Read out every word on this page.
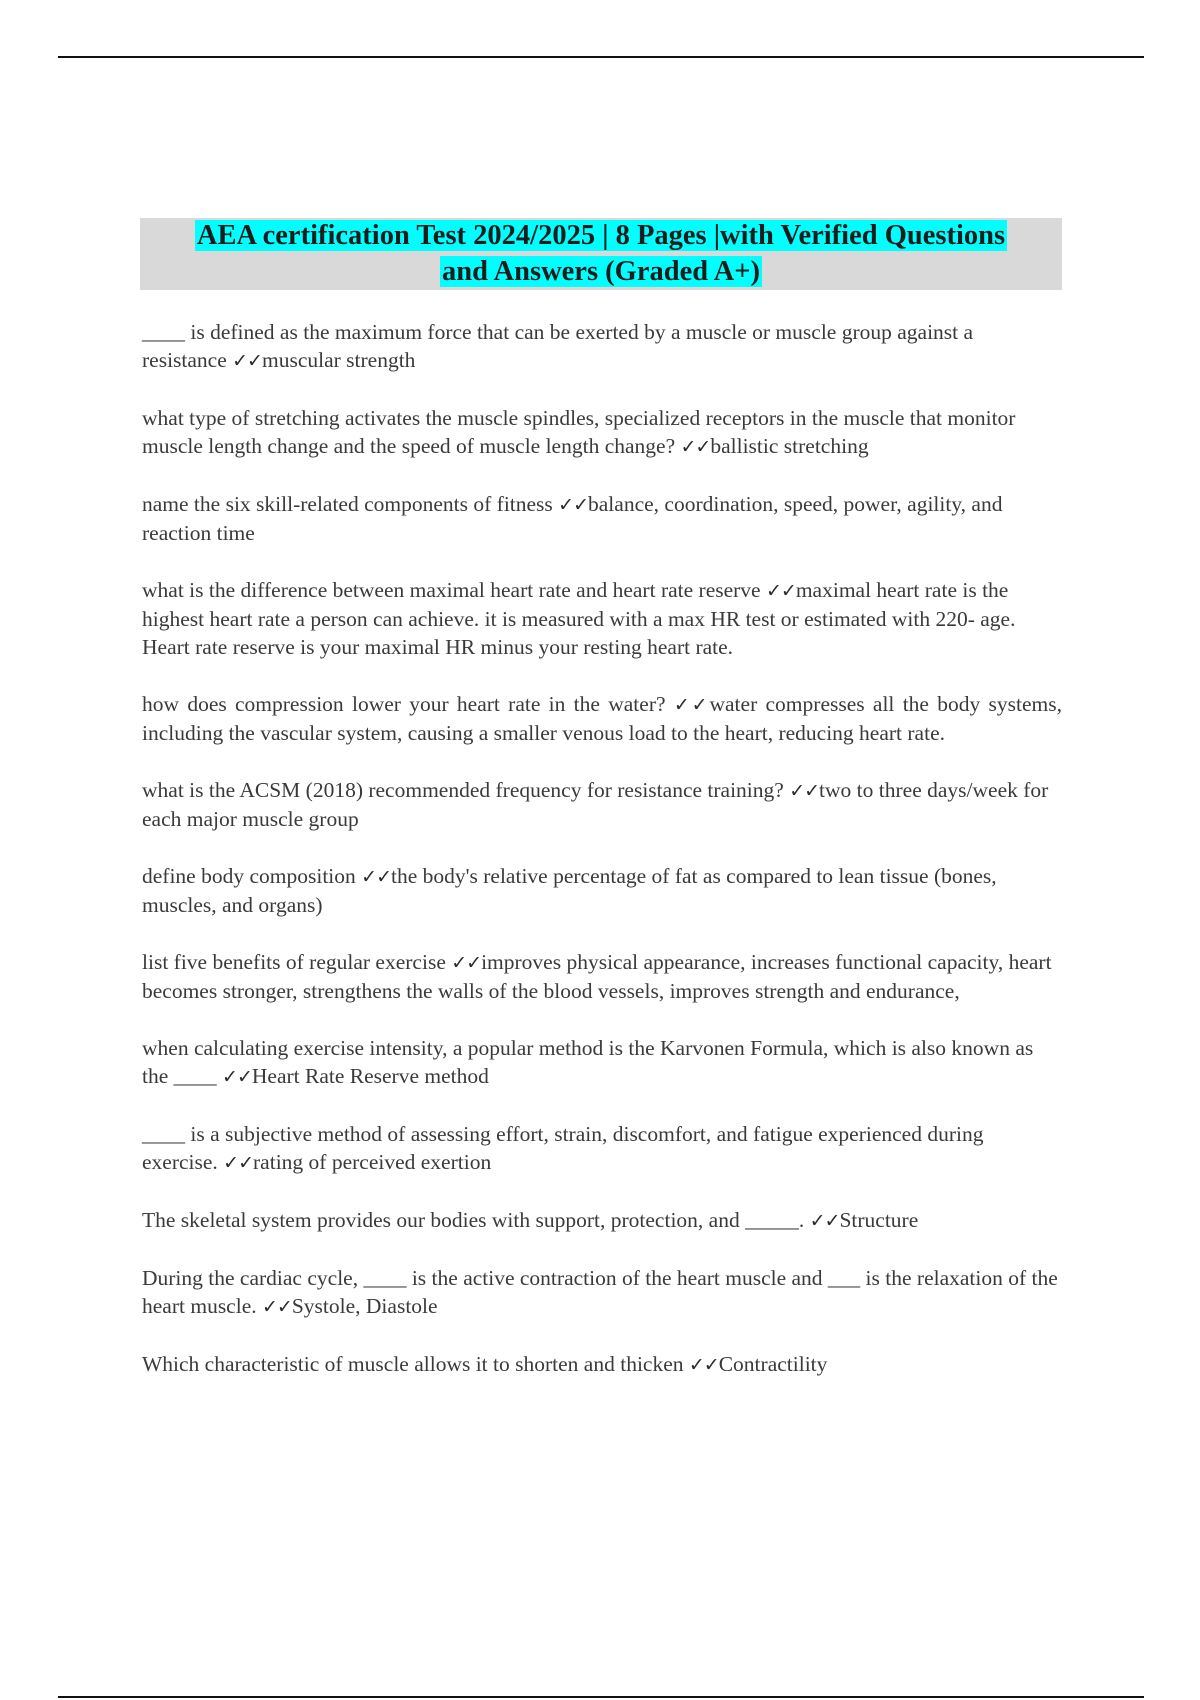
AEA certification Test 2024/2025 | 8 Pages |with Verified Questions
and Answers (Graded A+)

____ is defined as the maximum force that can be exerted by a muscle or muscle group against a resistance ✓✓muscular strength

what type of stretching activates the muscle spindles, specialized receptors in the muscle that monitor muscle length change and the speed of muscle length change? ✓✓ballistic stretching

name the six skill-related components of fitness ✓✓balance, coordination, speed, power, agility, and reaction time

what is the difference between maximal heart rate and heart rate reserve ✓✓maximal heart rate is the highest heart rate a person can achieve. it is measured with a max HR test or estimated with 220- age. Heart rate reserve is your maximal HR minus your resting heart rate.

how does compression lower your heart rate in the water? ✓✓water compresses all the body systems, including the vascular system, causing a smaller venous load to the heart, reducing heart rate.

what is the ACSM (2018) recommended frequency for resistance training? ✓✓two to three days/week for each major muscle group

define body composition ✓✓the body's relative percentage of fat as compared to lean tissue (bones, muscles, and organs)

list five benefits of regular exercise ✓✓improves physical appearance, increases functional capacity, heart becomes stronger, strengthens the walls of the blood vessels, improves strength and endurance,

when calculating exercise intensity, a popular method is the Karvonen Formula, which is also known as the ____ ✓✓Heart Rate Reserve method

____ is a subjective method of assessing effort, strain, discomfort, and fatigue experienced during exercise. ✓✓rating of perceived exertion

The skeletal system provides our bodies with support, protection, and _____. ✓✓Structure

During the cardiac cycle, ____ is the active contraction of the heart muscle and ___ is the relaxation of the heart muscle. ✓✓Systole, Diastole

Which characteristic of muscle allows it to shorten and thicken ✓✓Contractility
